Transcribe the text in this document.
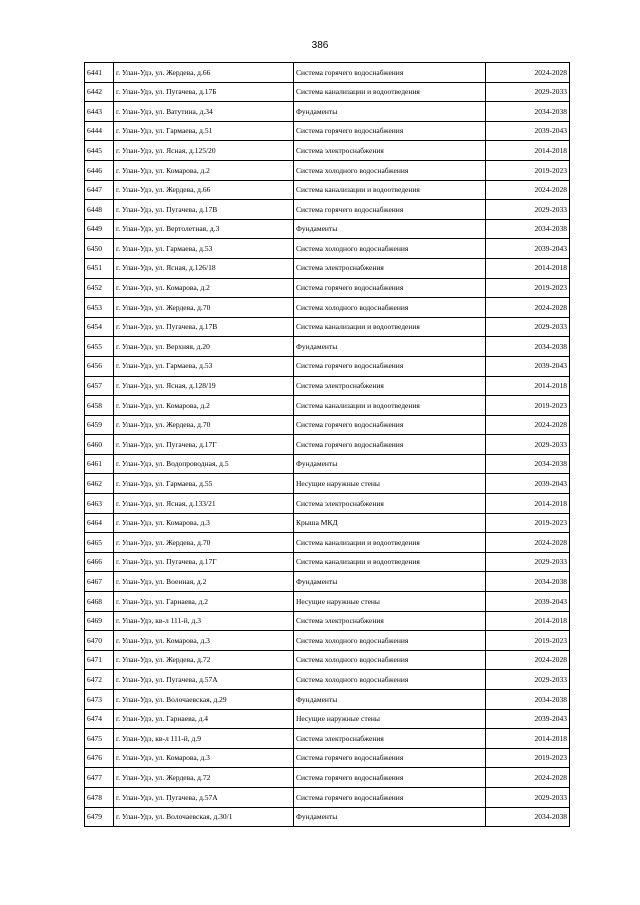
386
6441	г. Улан-Удэ, ул. Жердева, д.66	Система горячего водоснабжения	2024-2028
6442	г. Улан-Удэ, ул. Пугачева, д.17Б	Система канализации и водоотведения	2029-2033
6443	г. Улан-Удэ, ул. Ватутина, д.34	Фундаменты	2034-2038
6444	г. Улан-Удэ, ул. Гармаева, д.51	Система горячего водоснабжения	2039-2043
6445	г. Улан-Удэ, ул. Ясная, д.125/20	Система электроснабжения	2014-2018
6446	г. Улан-Удэ, ул. Комарова, д.2	Система холодного водоснабжения	2019-2023
6447	г. Улан-Удэ, ул. Жердева, д.66	Система канализации и водоотведения	2024-2028
6448	г. Улан-Удэ, ул. Пугачева, д.17В	Система горячего водоснабжения	2029-2033
6449	г. Улан-Удэ, ул. Вертолетная, д.3	Фундаменты	2034-2038
6450	г. Улан-Удэ, ул. Гармаева, д.53	Система холодного водоснабжения	2039-2043
6451	г. Улан-Удэ, ул. Ясная, д.126/18	Система электроснабжения	2014-2018
6452	г. Улан-Удэ, ул. Комарова, д.2	Система горячего водоснабжения	2019-2023
6453	г. Улан-Удэ, ул. Жердева, д.70	Система холодного водоснабжения	2024-2028
6454	г. Улан-Удэ, ул. Пугачева, д.17В	Система канализации и водоотведения	2029-2033
6455	г. Улан-Удэ, ул. Верхняя, д.20	Фундаменты	2034-2038
6456	г. Улан-Удэ, ул. Гармаева, д.53	Система горячего водоснабжения	2039-2043
6457	г. Улан-Удэ, ул. Ясная, д.128/19	Система электроснабжения	2014-2018
6458	г. Улан-Удэ, ул. Комарова, д.2	Система канализации и водоотведения	2019-2023
6459	г. Улан-Удэ, ул. Жердева, д.70	Система горячего водоснабжения	2024-2028
6460	г. Улан-Удэ, ул. Пугачева, д.17Г	Система горячего водоснабжения	2029-2033
6461	г. Улан-Удэ, ул. Водопроводная, д.5	Фундаменты	2034-2038
6462	г. Улан-Удэ, ул. Гармаева, д.55	Несущие наружные стены	2039-2043
6463	г. Улан-Удэ, ул. Ясная, д.133/21	Система электроснабжения	2014-2018
6464	г. Улан-Удэ, ул. Комарова, д.3	Крыша МКД	2019-2023
6465	г. Улан-Удэ, ул. Жердева, д.70	Система канализации и водоотведения	2024-2028
6466	г. Улан-Удэ, ул. Пугачева, д.17Г	Система канализации и водоотведения	2029-2033
6467	г. Улан-Удэ, ул. Военная, д.2	Фундаменты	2034-2038
6468	г. Улан-Удэ, ул. Гарнаева, д.2	Несущие наружные стены	2039-2043
6469	г. Улан-Удэ, кв-л 111-й, д.3	Система электроснабжения	2014-2018
6470	г. Улан-Удэ, ул. Комарова, д.3	Система холодного водоснабжения	2019-2023
6471	г. Улан-Удэ, ул. Жердева, д.72	Система холодного водоснабжения	2024-2028
6472	г. Улан-Удэ, ул. Пугачева, д.57А	Система холодного водоснабжения	2029-2033
6473	г. Улан-Удэ, ул. Волочаевская, д.29	Фундаменты	2034-2038
6474	г. Улан-Удэ, ул. Гарнаева, д.4	Несущие наружные стены	2039-2043
6475	г. Улан-Удэ, кв-л 111-й, д.9	Система электроснабжения	2014-2018
6476	г. Улан-Удэ, ул. Комарова, д.3	Система горячего водоснабжения	2019-2023
6477	г. Улан-Удэ, ул. Жердева, д.72	Система горячего водоснабжения	2024-2028
6478	г. Улан-Удэ, ул. Пугачева, д.57А	Система горячего водоснабжения	2029-2033
6479	г. Улан-Удэ, ул. Волочаевская, д.30/1	Фундаменты	2034-2038
